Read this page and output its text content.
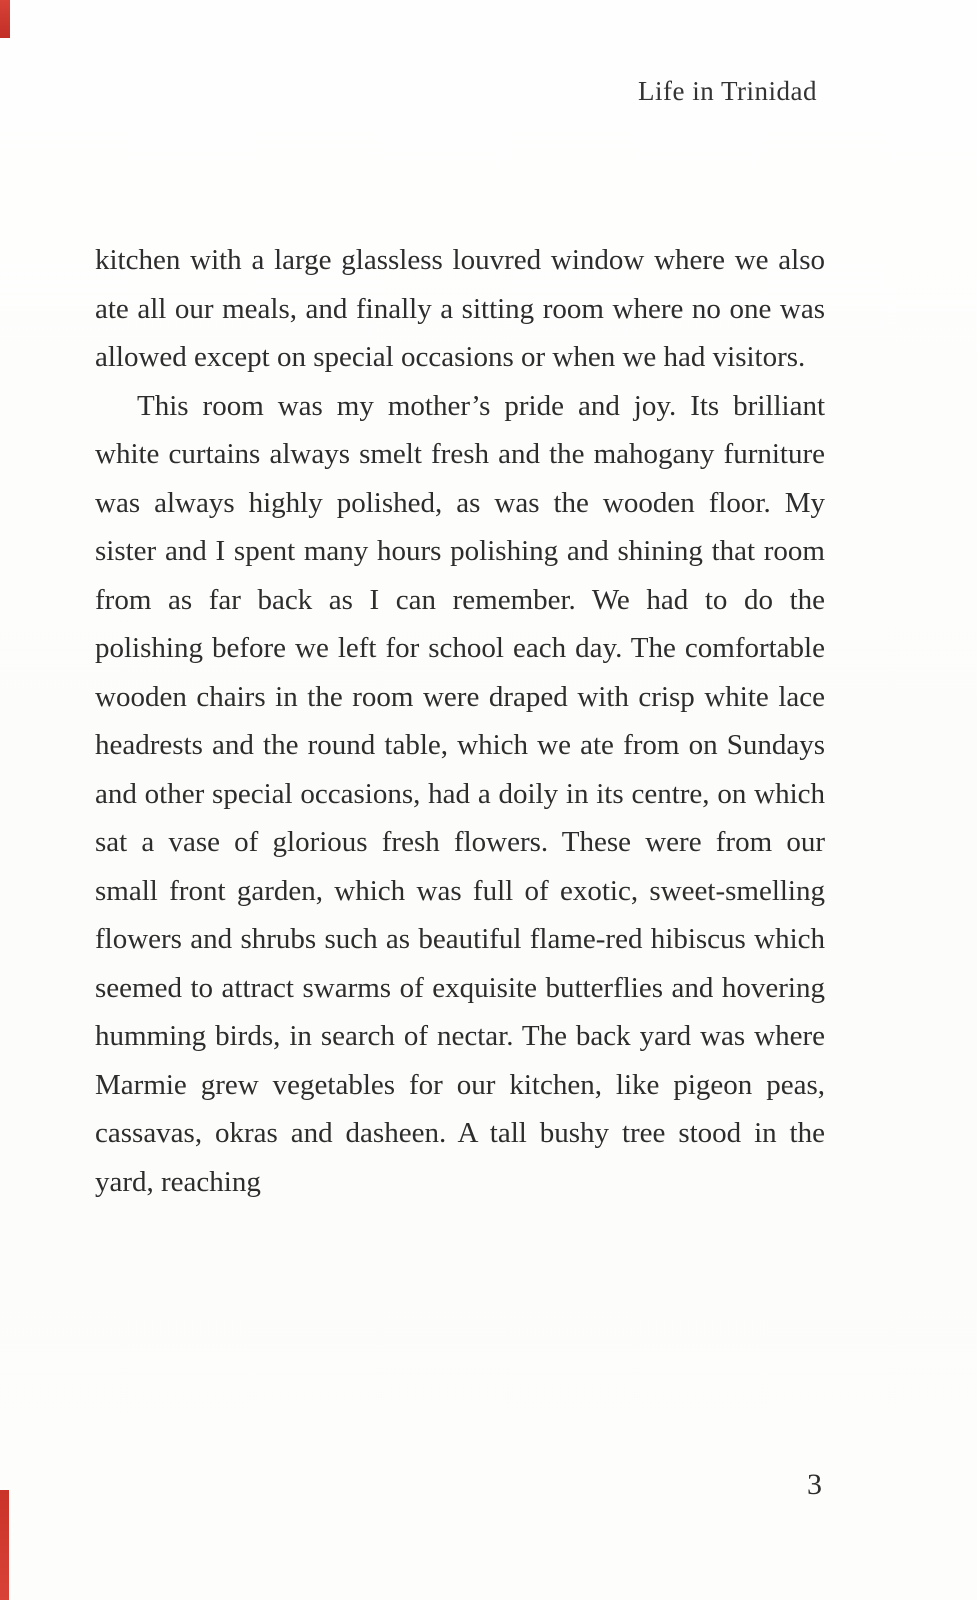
Life in Trinidad

kitchen with a large glassless louvred window where we also ate all our meals, and finally a sitting room where no one was allowed except on special occasions or when we had visitors.

This room was my mother’s pride and joy. Its brilliant white curtains always smelt fresh and the mahogany furniture was always highly polished, as was the wooden floor. My sister and I spent many hours polishing and shining that room from as far back as I can remember. We had to do the polishing before we left for school each day. The comfortable wooden chairs in the room were draped with crisp white lace headrests and the round table, which we ate from on Sundays and other special occasions, had a doily in its centre, on which sat a vase of glorious fresh flowers. These were from our small front garden, which was full of exotic, sweet-smelling flowers and shrubs such as beautiful flame-red hibiscus which seemed to attract swarms of exquisite butterflies and hovering humming birds, in search of nectar. The back yard was where Marmie grew vegetables for our kitchen, like pigeon peas, cassavas, okras and dasheen. A tall bushy tree stood in the yard, reaching

3
